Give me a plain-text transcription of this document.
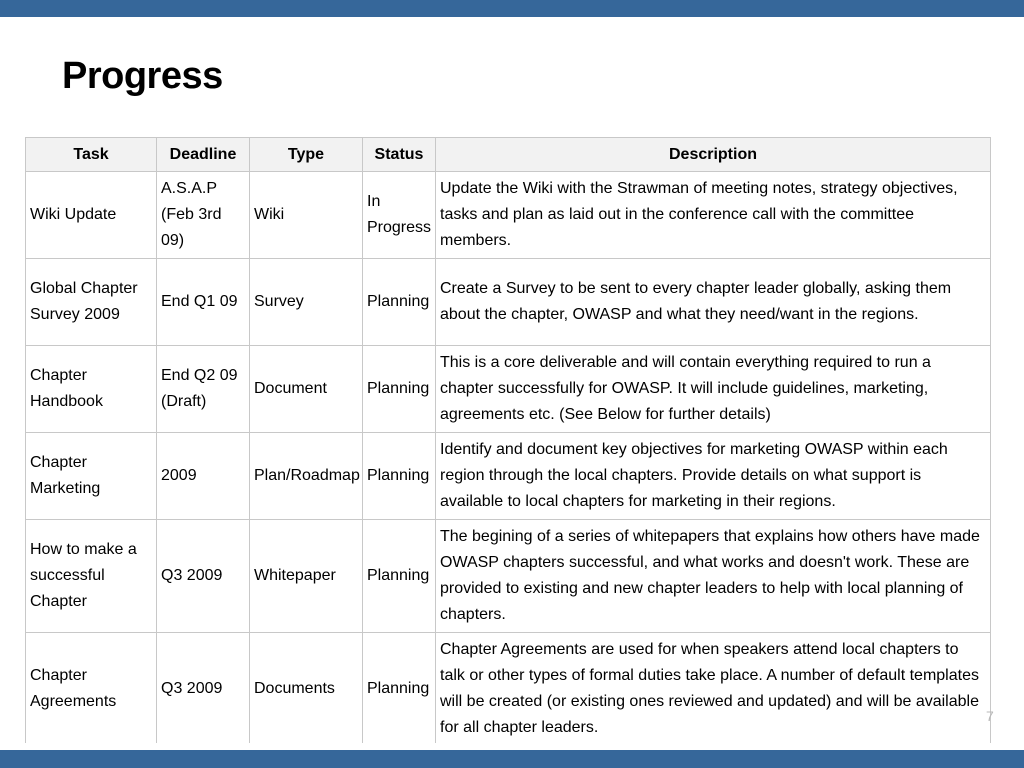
Progress
Task	Deadline	Type	Status	Description
Wiki Update	A.S.A.P (Feb 3rd 09)	Wiki	In Progress	Update the Wiki with the Strawman of meeting notes, strategy objectives, tasks and plan as laid out in the conference call with the committee members.
Global Chapter Survey 2009	End Q1 09	Survey	Planning	Create a Survey to be sent to every chapter leader globally, asking them about the chapter, OWASP and what they need/want in the regions.
Chapter Handbook	End Q2 09 (Draft)	Document	Planning	This is a core deliverable and will contain everything required to run a chapter successfully for OWASP. It will include guidelines, marketing, agreements etc. (See Below for further details)
Chapter Marketing	2009	Plan/Roadmap	Planning	Identify and document key objectives for marketing OWASP within each region through the local chapters. Provide details on what support is available to local chapters for marketing in their regions.
How to make a successful Chapter	Q3 2009	Whitepaper	Planning	The begining of a series of whitepapers that explains how others have made OWASP chapters successful, and what works and doesn't work. These are provided to existing and new chapter leaders to help with local planning of chapters.
Chapter Agreements	Q3 2009	Documents	Planning	Chapter Agreements are used for when speakers attend local chapters to talk or other types of formal duties take place. A number of default templates will be created (or existing ones reviewed and updated) and will be available for all chapter leaders.
7
